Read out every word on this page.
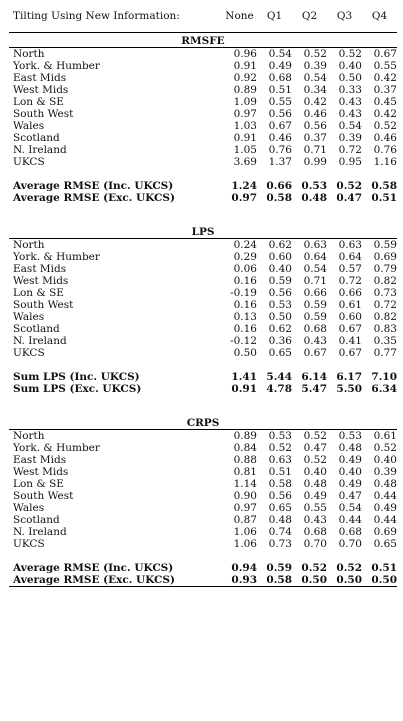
Tilting Using New Information:	None	Q1	Q2	Q3	Q4

RMSFE					

North	0.96	0.54	0.52	0.52	0.67
York. & Humber	0.91	0.49	0.39	0.40	0.55
East Mids	0.92	0.68	0.54	0.50	0.42
West Mids	0.89	0.51	0.34	0.33	0.37
Lon & SE	1.09	0.55	0.42	0.43	0.45
South West	0.97	0.56	0.46	0.43	0.42
Wales	1.03	0.67	0.56	0.54	0.52
Scotland	0.91	0.46	0.37	0.39	0.46
N. Ireland	1.05	0.76	0.71	0.72	0.76
UKCS	3.69	1.37	0.99	0.95	1.16

Average RMSE (Inc. UKCS)	1.24	0.66	0.53	0.52	0.58
Average RMSE (Exc. UKCS)	0.97	0.58	0.48	0.47	0.51
LPS					

North	0.24	0.62	0.63	0.63	0.59
York. & Humber	0.29	0.60	0.64	0.64	0.69
East Mids	0.06	0.40	0.54	0.57	0.79
West Mids	0.16	0.59	0.71	0.72	0.82
Lon & SE	-0.19	0.56	0.66	0.66	0.73
South West	0.16	0.53	0.59	0.61	0.72
Wales	0.13	0.50	0.59	0.60	0.82
Scotland	0.16	0.62	0.68	0.67	0.83
N. Ireland	-0.12	0.36	0.43	0.41	0.35
UKCS	0.50	0.65	0.67	0.67	0.77

Sum LPS (Inc. UKCS)	1.41	5.44	6.14	6.17	7.10
Sum LPS (Exc. UKCS)	0.91	4.78	5.47	5.50	6.34
CRPS					

North	0.89	0.53	0.52	0.53	0.61
York. & Humber	0.84	0.52	0.47	0.48	0.52
East Mids	0.88	0.63	0.52	0.49	0.40
West Mids	0.81	0.51	0.40	0.40	0.39
Lon & SE	1.14	0.58	0.48	0.49	0.48
South West	0.90	0.56	0.49	0.47	0.44
Wales	0.97	0.65	0.55	0.54	0.49
Scotland	0.87	0.48	0.43	0.44	0.44
N. Ireland	1.06	0.74	0.68	0.68	0.69
UKCS	1.06	0.73	0.70	0.70	0.65

Average RMSE (Inc. UKCS)	0.94	0.59	0.52	0.52	0.51
Average RMSE (Exc. UKCS)	0.93	0.58	0.50	0.50	0.50
